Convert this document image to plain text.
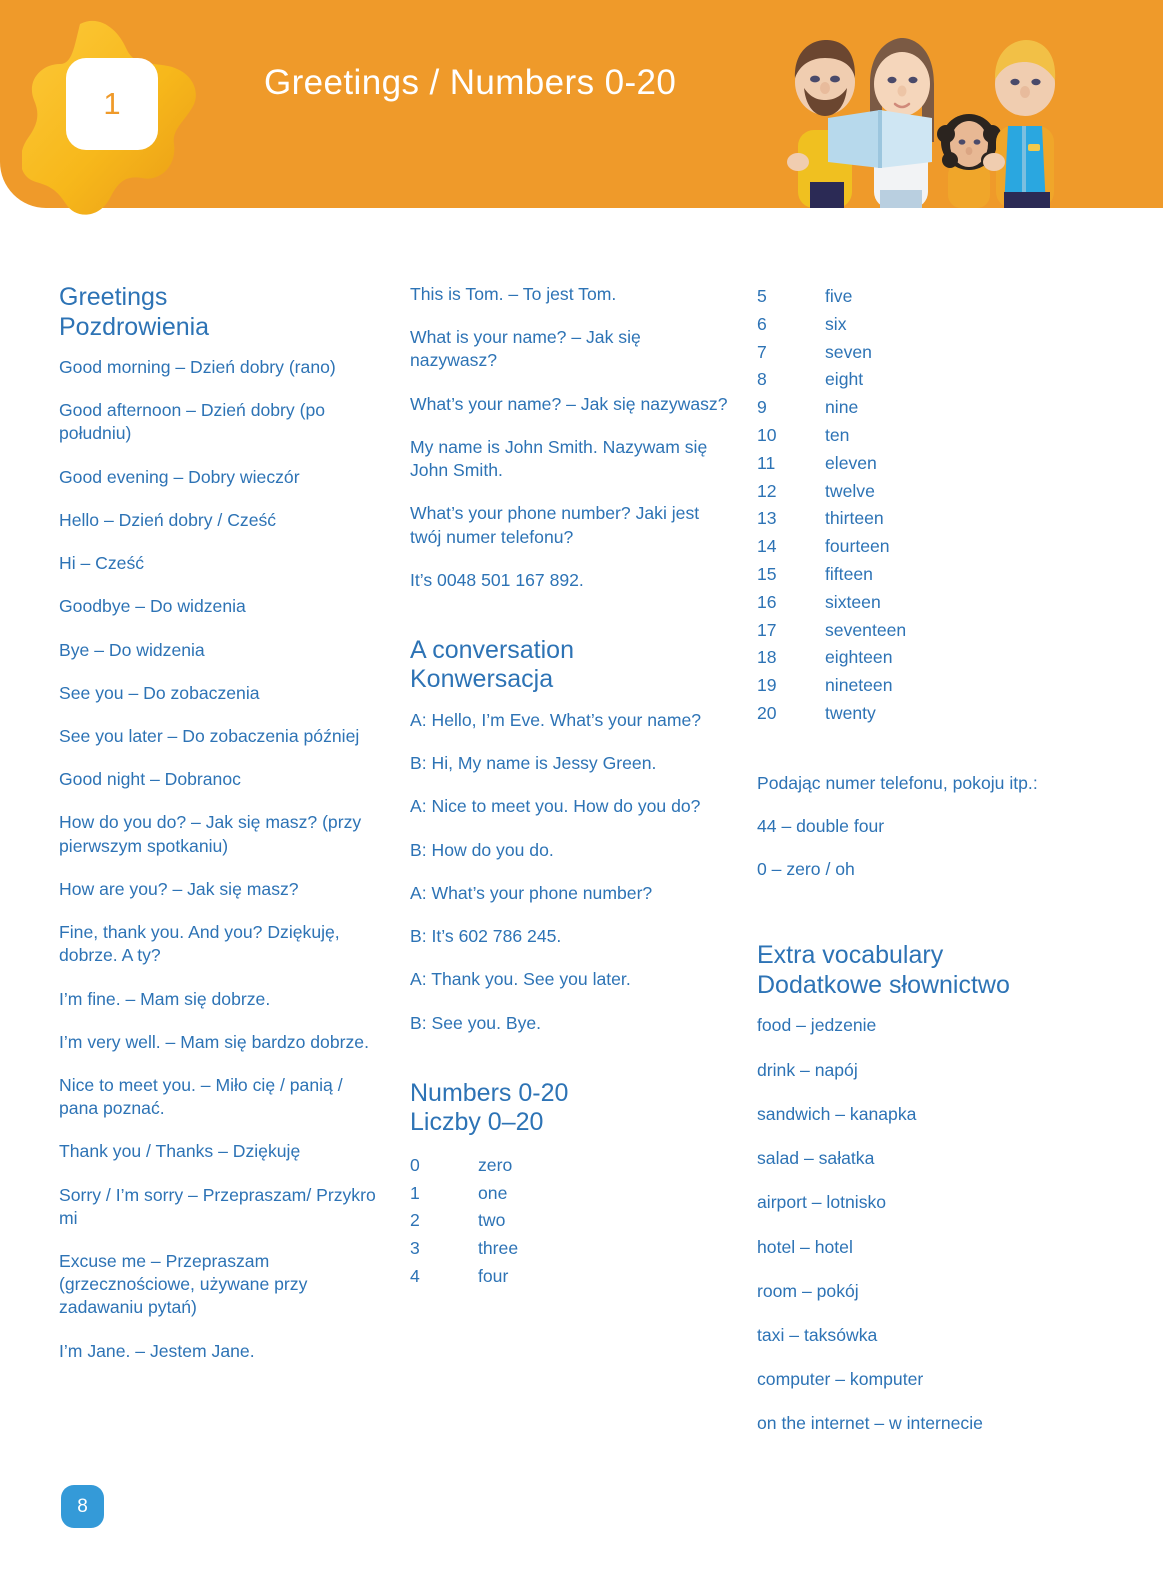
1
Greetings / Numbers 0-20
Greetings
Pozdrowienia

Good morning – Dzień dobry (rano)

Good afternoon – Dzień dobry (po południu)

Good evening – Dobry wieczór

Hello – Dzień dobry / Cześć

Hi – Cześć

Goodbye – Do widzenia

Bye – Do widzenia

See you – Do zobaczenia

See you later – Do zobaczenia później

Good night – Dobranoc

How do you do? – Jak się masz? (przy pierwszym spotkaniu)

How are you? – Jak się masz?

Fine, thank you. And you? Dziękuję, dobrze. A ty?

I’m fine. – Mam się dobrze.

I’m very well. – Mam się bardzo dobrze.

Nice to meet you. – Miło cię / panią / pana poznać.

Thank you / Thanks – Dziękuję

Sorry / I’m sorry – Przepraszam/ Przykro mi

Excuse me – Przepraszam (grzecznościowe, używane przy zadawaniu pytań)

I’m Jane. – Jestem Jane.

This is Tom. – To jest Tom.

What is your name? – Jak się nazywasz?

What’s your name? – Jak się nazywasz?

My name is John Smith. Nazywam się John Smith.

What’s your phone number? Jaki jest twój numer telefonu?

It’s 0048 501 167 892.

A conversation
Konwersacja

A: Hello, I’m Eve. What’s your name?

B: Hi, My name is Jessy Green.

A: Nice to meet you. How do you do?

B: How do you do.

A: What’s your phone number?

B: It’s 602 786 245.

A: Thank you. See you later.

B: See you. Bye.

Numbers 0-20
Liczby 0–20
0	zero
1	one
2	two
3	three
4	four
5	five
6	six
7	seven
8	eight
9	nine
10	ten
11	eleven
12	twelve
13	thirteen
14	fourteen
15	fifteen
16	sixteen
17	seventeen
18	eighteen
19	nineteen
20	twenty

Podając numer telefonu, pokoju itp.:

44 – double four

0 – zero / oh

Extra vocabulary
Dodatkowe słownictwo

food – jedzenie

drink – napój

sandwich – kanapka

salad – sałatka

airport – lotnisko

hotel – hotel

room – pokój

taxi – taksówka

computer – komputer

on the internet – w internecie

8
